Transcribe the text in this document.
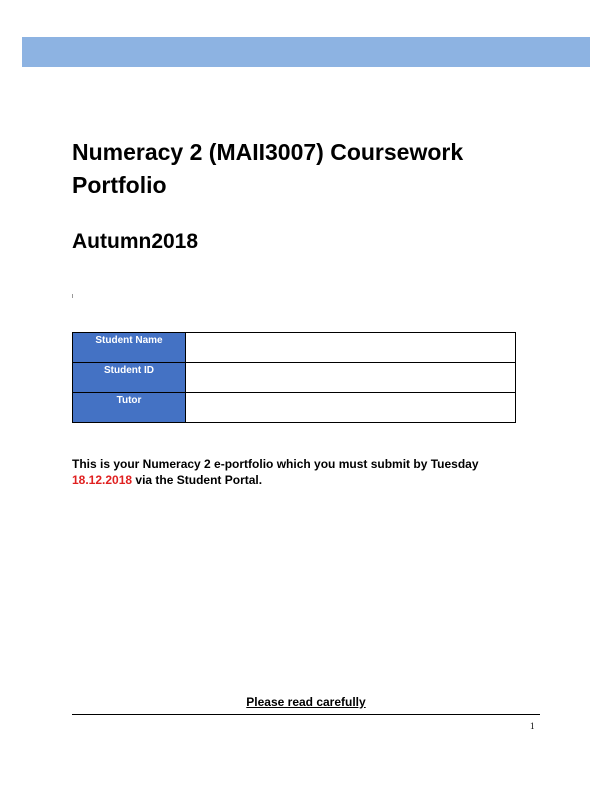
Numeracy 2 (MAII3007) Coursework Portfolio
Autumn2018
Student Name	
Student ID	
Tutor	
This is your Numeracy 2 e-portfolio which you must submit by Tuesday 18.12.2018 via the Student Portal.
Please read carefully
1
